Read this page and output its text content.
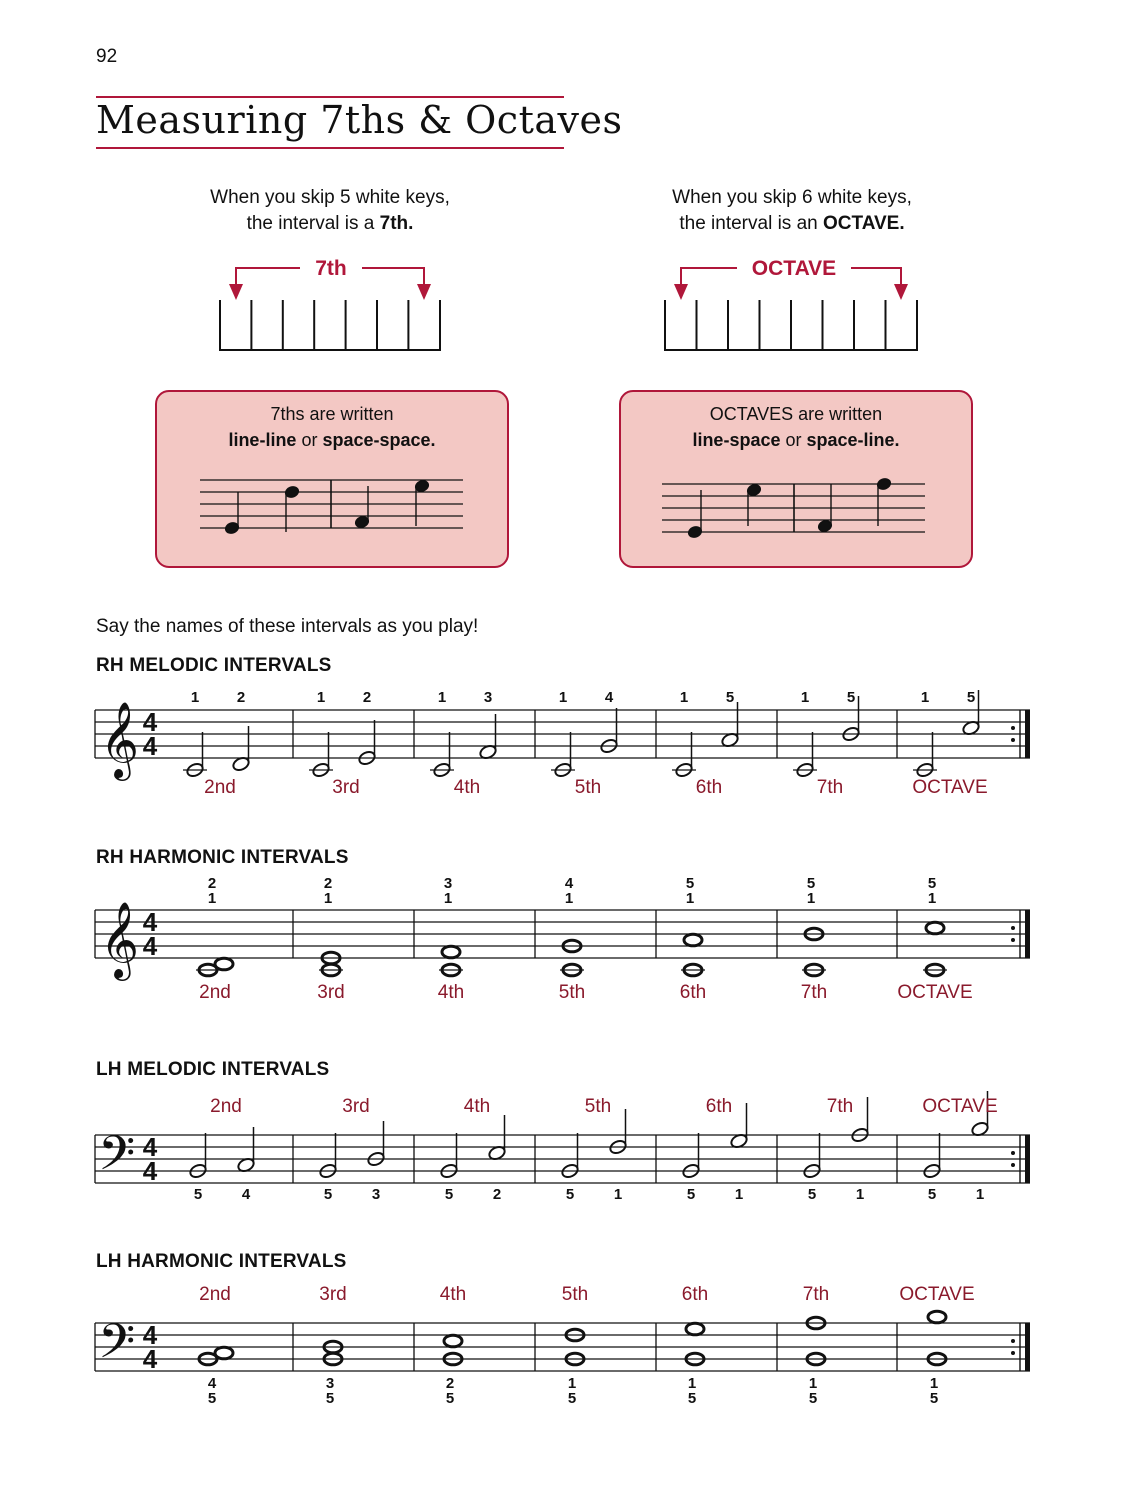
92
Measuring 7ths & Octaves
When you skip 5 white keys,
the interval is a 7th.
When you skip 6 white keys,
the interval is an OCTAVE.
7th	OCTAVE
7ths are written
line-line or space-space.
OCTAVES are written
line-space or space-line.
Say the names of these intervals as you play!
RH MELODIC INTERVALS
RH HARMONIC INTERVALS
LH MELODIC INTERVALS
LH HARMONIC INTERVALS
𝄞 4
4
1	2
2nd
1	2
3rd
1	3
4th
1	4
5th
1	5
6th
1	5
7th
1	5
OCTAVE
𝄞 4
4
2
1
2nd
2
1
3rd
3
1
4th
4
1
5th
5
1
6th
5
1
7th
5
1
OCTAVE
𝄢 4
4
5	4
2nd
5	3
3rd
5	2
4th
5	1
5th
5	1
6th
5	1
7th
5	1
OCTAVE
𝄢 4
4
4
5
2nd
3
5
3rd
2
5
4th
1
5
5th
1
5
6th
1
5
7th
1
5
OCTAVE
